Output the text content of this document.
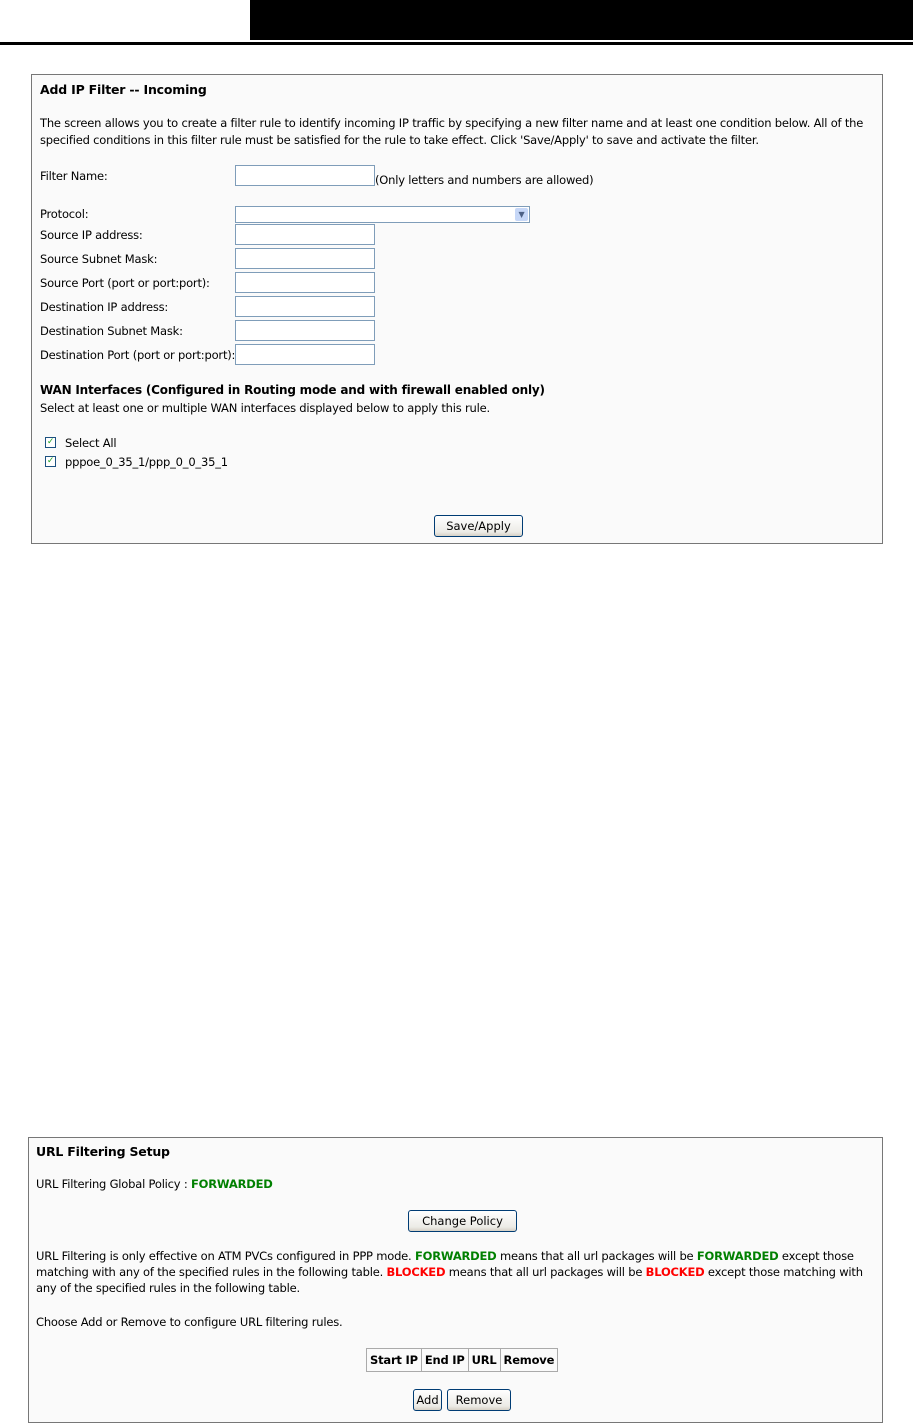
Add IP Filter -- Incoming
The screen allows you to create a filter rule to identify incoming IP traffic by specifying a new filter name and at least one condition below. All of the specified conditions in this filter rule must be satisfied for the rule to take effect. Click 'Save/Apply' to save and activate the filter.
Filter Name:	(Only letters and numbers are allowed)
Protocol:	▼
Source IP address:
Source Subnet Mask:
Source Port (port or port:port):
Destination IP address:
Destination Subnet Mask:
Destination Port (port or port:port):
WAN Interfaces (Configured in Routing mode and with firewall enabled only)
Select at least one or multiple WAN interfaces displayed below to apply this rule.
✓ Select All
✓ pppoe_0_35_1/ppp_0_0_35_1
Save/Apply
URL Filtering Setup
URL Filtering Global Policy : FORWARDED
Change Policy
URL Filtering is only effective on ATM PVCs configured in PPP mode. FORWARDED means that all url packages will be FORWARDED except those matching with any of the specified rules in the following table. BLOCKED means that all url packages will be BLOCKED except those matching with any of the specified rules in the following table.
Choose Add or Remove to configure URL filtering rules.
Start IP	End IP	URL	Remove
Add	Remove
